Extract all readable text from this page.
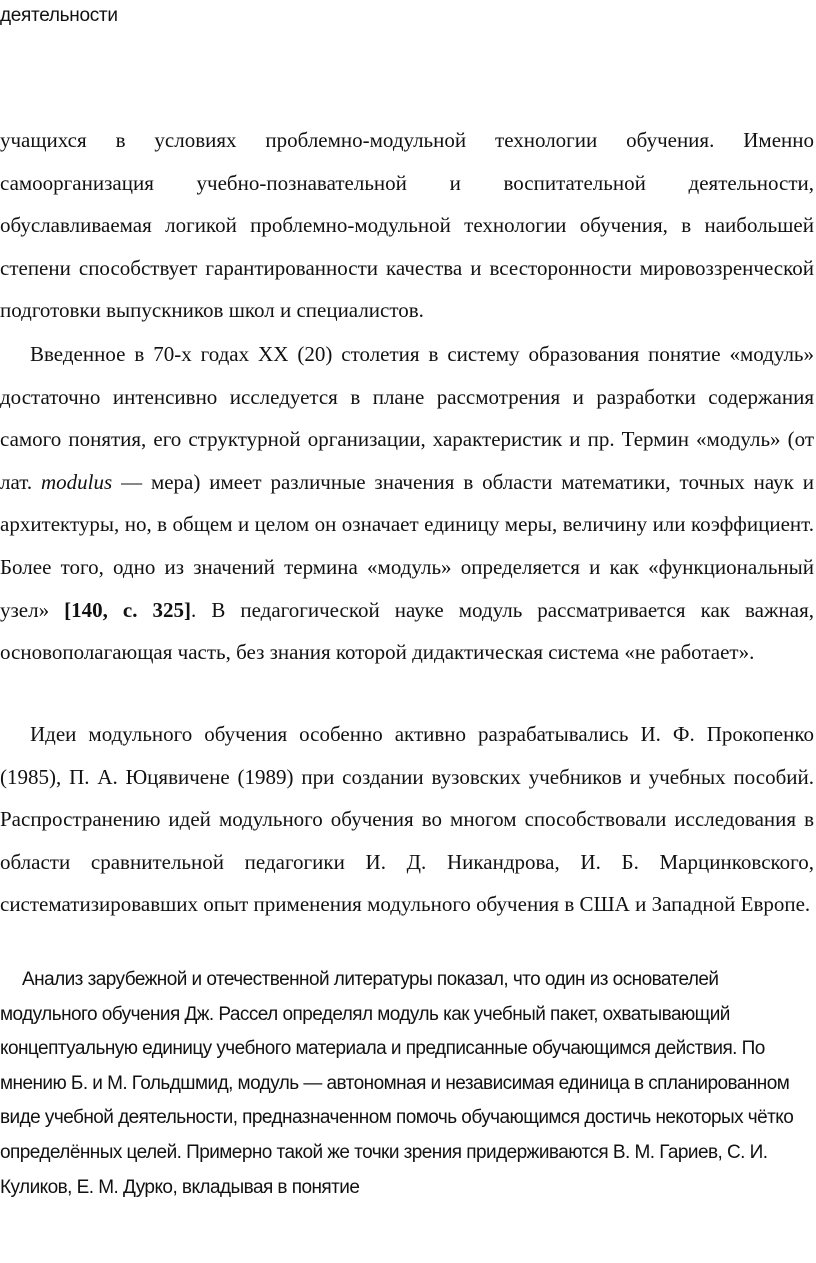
деятельности
учащихся в условиях проблемно-модульной технологии обучения. Именно самоорганизация учебно-познавательной и воспитательной деятельности, обуславливаемая логикой проблемно-модульной технологии обучения, в наибольшей степени способствует гарантированности качества и всесторонности мировоззренческой подготовки выпускников школ и специалистов.
Введенное в 70-х годах ХХ (20) столетия в систему образования понятие «модуль» достаточно интенсивно исследуется в плане рассмотрения и разработки содержания самого понятия, его структурной организации, характеристик и пр. Термин «модуль» (от лат. modulus — мера) имеет различные значения в области математики, точных наук и архитектуры, но, в общем и целом он означает единицу меры, величину или коэффициент. Более того, одно из значений термина «модуль» определяется и как «функциональный узел» [140, с. 325]. В педагогической науке модуль рассматривается как важная, основополагающая часть, без знания которой дидактическая система «не работает».
Идеи модульного обучения особенно активно разрабатывались И. Ф. Прокопенко (1985), П. А. Юцявичене (1989) при создании вузовских учебников и учебных пособий. Распространению идей модульного обучения во многом способствовали исследования в области сравнительной педагогики И. Д. Никандрова, И. Б. Марцинковского, систематизировавших опыт применения модульного обучения в США и Западной Европе.
Анализ зарубежной и отечественной литературы показал, что один из основателей модульного обучения Дж. Рассел определял модуль как учебный пакет, охватывающий концептуальную единицу учебного материала и предписанные обучающимся действия. По мнению Б. и М. Гольдшмид, модуль — автономная и независимая единица в спланированном виде учебной деятельности, предназначенном помочь обучающимся достичь некоторых чётко определённых целей. Примерно такой же точки зрения придерживаются В. М. Гариев, С. И. Куликов, Е. М. Дурко, вкладывая в понятие
